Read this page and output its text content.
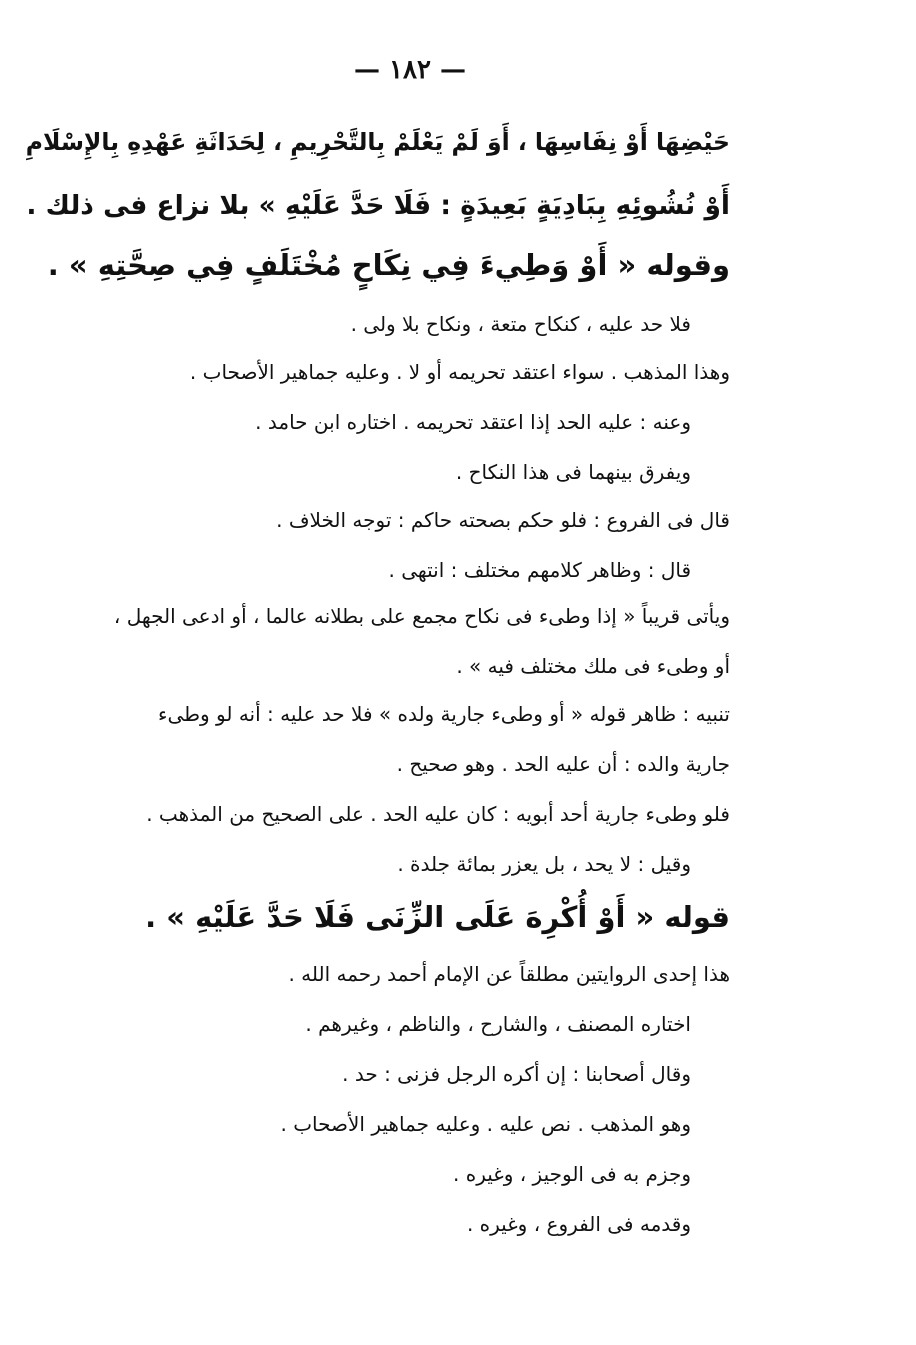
— ١٨٢ —
حَيْضِهَا أَوْ نِفَاسِهَا ، أَوَ لَمْ يَعْلَمْ بِالتَّحْرِيمِ ، لِحَدَاثَةِ عَهْدِهِ بِالإِسْلَامِ
أَوْ نُشُوئِهِ بِبَادِيَةٍ بَعِيدَةٍ : فَلَا حَدَّ عَلَيْهِ » بلا نزاع فى ذلك .
وقوله « أَوْ وَطِيءَ فِي نِكَاحٍ مُخْتَلَفٍ فِي صِحَّتِهِ » .
فلا حد عليه ، كنكاح متعة ، ونكاح بلا ولى .
وهذا المذهب . سواء اعتقد تحريمه أو لا . وعليه جماهير الأصحاب .
وعنه : عليه الحد إذا اعتقد تحريمه . اختاره ابن حامد .
ويفرق بينهما فى هذا النكاح .
قال فى الفروع : فلو حكم بصحته حاكم : توجه الخلاف .
قال : وظاهر كلامهم مختلف : انتهى .
ويأتى قريباً « إذا وطىء فى نكاح مجمع على بطلانه عالما ، أو ادعى الجهل ،
أو وطىء فى ملك مختلف فيه » .
تنبيه : ظاهر قوله « أو وطىء جارية ولده » فلا حد عليه : أنه لو وطىء
جارية والده : أن عليه الحد . وهو صحيح .
فلو وطىء جارية أحد أبويه : كان عليه الحد . على الصحيح من المذهب .
وقيل : لا يحد ، بل يعزر بمائة جلدة .
قوله « أَوْ أُكْرِهَ عَلَى الزِّنَى فَلَا حَدَّ عَلَيْهِ » .
هذا إحدى الروايتين مطلقاً عن الإمام أحمد رحمه الله .
اختاره المصنف ، والشارح ، والناظم ، وغيرهم .
وقال أصحابنا : إن أكره الرجل فزنى : حد .
وهو المذهب . نص عليه . وعليه جماهير الأصحاب .
وجزم به فى الوجيز ، وغيره .
وقدمه فى الفروع ، وغيره .
